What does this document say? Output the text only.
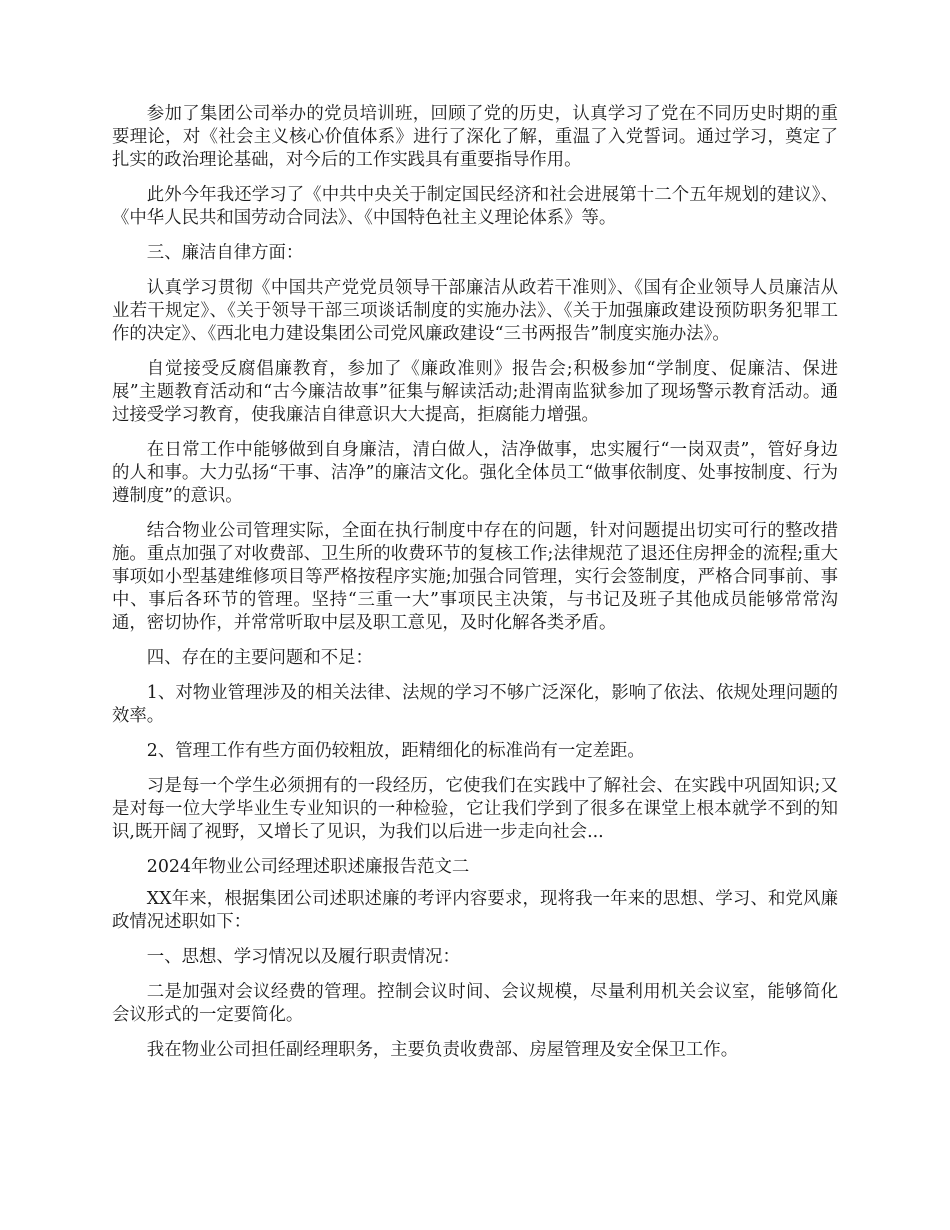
参加了集团公司举办的党员培训班，回顾了党的历史，认真学习了党在不同历史时期的重要理论，对《社会主义核心价值体系》进行了深化了解，重温了入党誓词。通过学习，奠定了扎实的政治理论基础，对今后的工作实践具有重要指导作用。

此外今年我还学习了《中共中央关于制定国民经济和社会进展第十二个五年规划的建议》、《中华人民共和国劳动合同法》、《中国特色社主义理论体系》等。

三、廉洁自律方面：

认真学习贯彻《中国共产党党员领导干部廉洁从政若干准则》、《国有企业领导人员廉洁从业若干规定》、《关于领导干部三项谈话制度的实施办法》、《关于加强廉政建设预防职务犯罪工作的决定》、《西北电力建设集团公司党风廉政建设“三书两报告”制度实施办法》。

自觉接受反腐倡廉教育，参加了《廉政准则》报告会;积极参加“学制度、促廉洁、保进展”主题教育活动和“古今廉洁故事”征集与解读活动;赴渭南监狱参加了现场警示教育活动。通过接受学习教育，使我廉洁自律意识大大提高，拒腐能力增强。

在日常工作中能够做到自身廉洁，清白做人，洁净做事，忠实履行“一岗双责”，管好身边的人和事。大力弘扬“干事、洁净”的廉洁文化。强化全体员工“做事依制度、处事按制度、行为遵制度”的意识。

结合物业公司管理实际，全面在执行制度中存在的问题，针对问题提出切实可行的整改措施。重点加强了对收费部、卫生所的收费环节的复核工作;法律规范了退还住房押金的流程;重大事项如小型基建维修项目等严格按程序实施;加强合同管理，实行会签制度，严格合同事前、事中、事后各环节的管理。坚持“三重一大”事项民主决策，与书记及班子其他成员能够常常沟通，密切协作，并常常听取中层及职工意见，及时化解各类矛盾。

四、存在的主要问题和不足：

1、对物业管理涉及的相关法律、法规的学习不够广泛深化，影响了依法、依规处理问题的效率。

2、管理工作有些方面仍较粗放，距精细化的标准尚有一定差距。

习是每一个学生必须拥有的一段经历，它使我们在实践中了解社会、在实践中巩固知识;又是对每一位大学毕业生专业知识的一种检验，它让我们学到了很多在课堂上根本就学不到的知识,既开阔了视野，又增长了见识，为我们以后进一步走向社会...

2024年物业公司经理述职述廉报告范文二

XX年来，根据集团公司述职述廉的考评内容要求，现将我一年来的思想、学习、和党风廉政情况述职如下：

一、思想、学习情况以及履行职责情况：

二是加强对会议经费的管理。控制会议时间、会议规模，尽量利用机关会议室，能够简化会议形式的一定要简化。

我在物业公司担任副经理职务，主要负责收费部、房屋管理及安全保卫工作。
